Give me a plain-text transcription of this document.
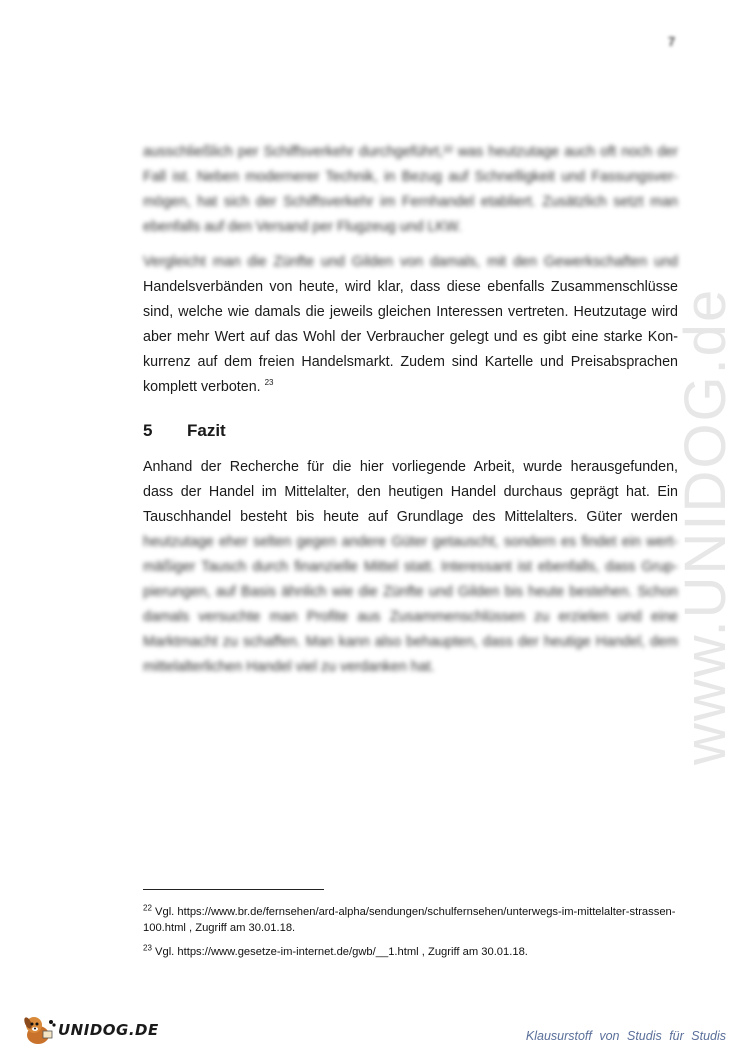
7
www.UNIDOG.de
ausschließlich per Schiffsverkehr durchgeführt,²² was heutzutage auch oft noch der
Fall ist. Neben modernerer Technik, in Bezug auf Schnelligkeit und Fassungsver-
mögen, hat sich der Schiffsverkehr im Fernhandel etabliert. Zusätzlich setzt man
ebenfalls auf den Versand per Flugzeug und LKW.
Vergleicht man die Zünfte und Gilden von damals, mit den Gewerkschaften und
Handelsverbänden von heute, wird klar, dass diese ebenfalls Zusammenschlüsse
sind, welche wie damals die jeweils gleichen Interessen vertreten. Heutzutage wird
aber mehr Wert auf das Wohl der Verbraucher gelegt und es gibt eine starke Kon-
kurrenz auf dem freien Handelsmarkt. Zudem sind Kartelle und Preisabsprachen
komplett verboten. $^{23}$
5	Fazit
Anhand der Recherche für die hier vorliegende Arbeit, wurde herausgefunden,
dass der Handel im Mittelalter, den heutigen Handel durchaus geprägt hat. Ein
Tauschhandel besteht bis heute auf Grundlage des Mittelalters. Güter werden
heutzutage eher selten gegen andere Güter getauscht, sondern es findet ein wert-
mäßiger Tausch durch finanzielle Mittel statt. Interessant ist ebenfalls, dass Grup-
pierungen, auf Basis ähnlich wie die Zünfte und Gilden bis heute bestehen. Schon
damals versuchte man Profite aus Zusammenschlüssen zu erzielen und eine
Marktmacht zu schaffen. Man kann also behaupten, dass der heutige Handel, dem
mittelalterlichen Handel viel zu verdanken hat.
$^{22}$ Vgl. https://www.br.de/fernsehen/ard-alpha/sendungen/schulfernsehen/unterwegs-im-mittelalter-strassen-100.html , Zugriff am 30.01.18.
$^{23}$ Vgl. https://www.gesetze-im-internet.de/gwb/__1.html , Zugriff am 30.01.18.
UNIDOG.DE	Klausurstoff von Studis für Studis
